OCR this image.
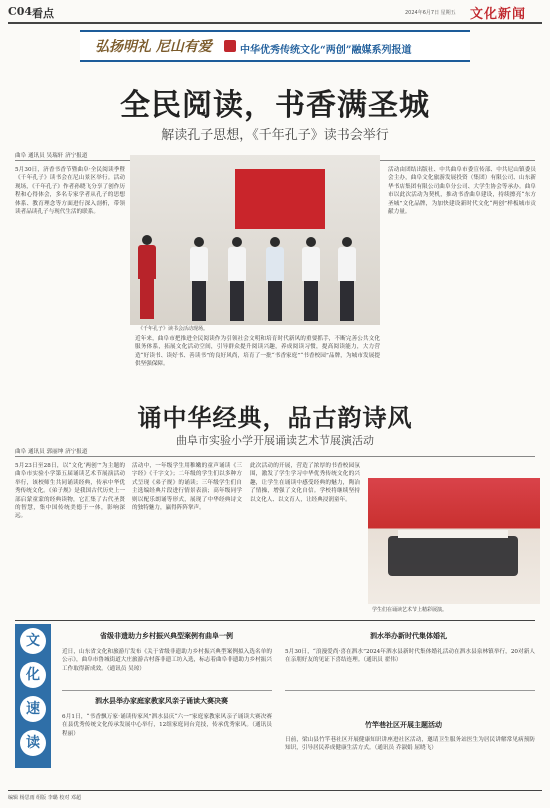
C04 看点	2024年6月7日 星期五 文化新闻
弘扬明礼 尼山有爱	中华优秀传统文化“两创”融媒系列报道
全民阅读，书香满圣城
解读孔子思想，《千年孔子》读书会举行
曲阜 通讯员 吴瑞轩 济宁报道
5月30日，济香书香节暨曲阜·全民阅读季暨《千年孔子》读书会在尼山景区举行。活动现场，《千年孔子》作者孙晓飞分享了创作历程和心得体会，多名专家学者从孔子的思想体系、教育理念等方面进行深入剖析，带领读者品读孔子与现代生活的联系。
《千年孔子》读书会活动现场。
近年来，曲阜市把推进全民阅读作为引领社会文明和培育时代新风的重要抓手，不断完善公共文化服务体系，拓展文化活动空间，引导群众提升阅读兴趣，养成阅读习惯，提高阅读能力，大力营造“好读书、读好书、善读书”的良好风尚，培育了一批“书香家庭”“书香校园”品牌，为城市发展提供坚强保障。
活动由团结出版社、中共曲阜市委宣传部、中共尼山镇委员会主办，曲阜文化旅游发展投资（集团）有限公司、山东新华书店集团有限公司曲阜分公司、大学生协会等承办。曲阜市以此次活动为契机，推动书香曲阜建设，持续擦亮“东方圣城”文化品牌，为加快建设新时代文化“两创”样板城市贡献力量。
诵中华经典，品古韵诗风
曲阜市实验小学开展诵读艺术节展演活动
曲阜 通讯员 郭丽坤 济宁报道
5月23日至28日，以“文化‘两创’”为主题的曲阜市实验小学第五届诵读艺术节展演活动举行，该校师生共同诵读经典，传承中华优秀传统文化。《弟子规》是我国古代历史上一部启蒙童蒙的经典读物，它汇集了古代圣贤的智慧，集中国传统美德于一体，影响深远。
活动中，一年级学生用稚嫩的童声诵读《三字经》《千字文》；二年级的学生们以多种方式呈现《弟子规》的诵读；三年级学生们自主选编经典片段进行情景表演；高年级同学则以配乐朗诵等形式，展现了中华经典诗文的独特魅力，赢得阵阵掌声。
此次活动的开展，营造了浓厚的书香校园氛围，激发了学生学习中华优秀传统文化的兴趣，让学生在诵读中感受经典的魅力，陶冶了情操，增强了文化自信。学校将继续坚持以文化人、以文育人，让经典浸润童年。
学生们在诵读艺术节上精彩展演。
文
化
速
读
省级非遗助力乡村振兴典型案例有曲阜一例
近日，山东省文化和旅游厅发布《关于省级非遗助力乡村振兴典型案例拟入选名单的公示》，曲阜市鲁城街道大庄旅游古村落非遗工坊入选，标志着曲阜非遗助力乡村振兴工作取得新成效。（通讯员 吴琼）
泗水举办新时代集体婚礼
5月30日，“浪漫爱尚·喜在泗水”2024年泗水县新时代集体婚礼活动在泗水县泉林镇举行，20对新人在亲朋好友的见证下喜结连理。（通讯员 翟伟）
泗水县举办家庭家教家风亲子诵读大赛决赛
6月1日，“书香飘万家·诵读传家风”泗水县庆“六一”家庭家教家风亲子诵读大赛决赛在县优秀传统文化传承发展中心举行，12组家庭同台竞技，传承优秀家风。（通讯员 程丽）
竹竿巷社区开展主题活动
日前，梁山县竹竿巷社区开展健康知识讲座进社区活动，邀请卫生服务站医生为居民讲解常见病预防知识，引导居民养成健康生活方式。（通讯员 乔淑娟 屈晓飞）
编辑 杨思雨 组版 李璐 校对 邓超
